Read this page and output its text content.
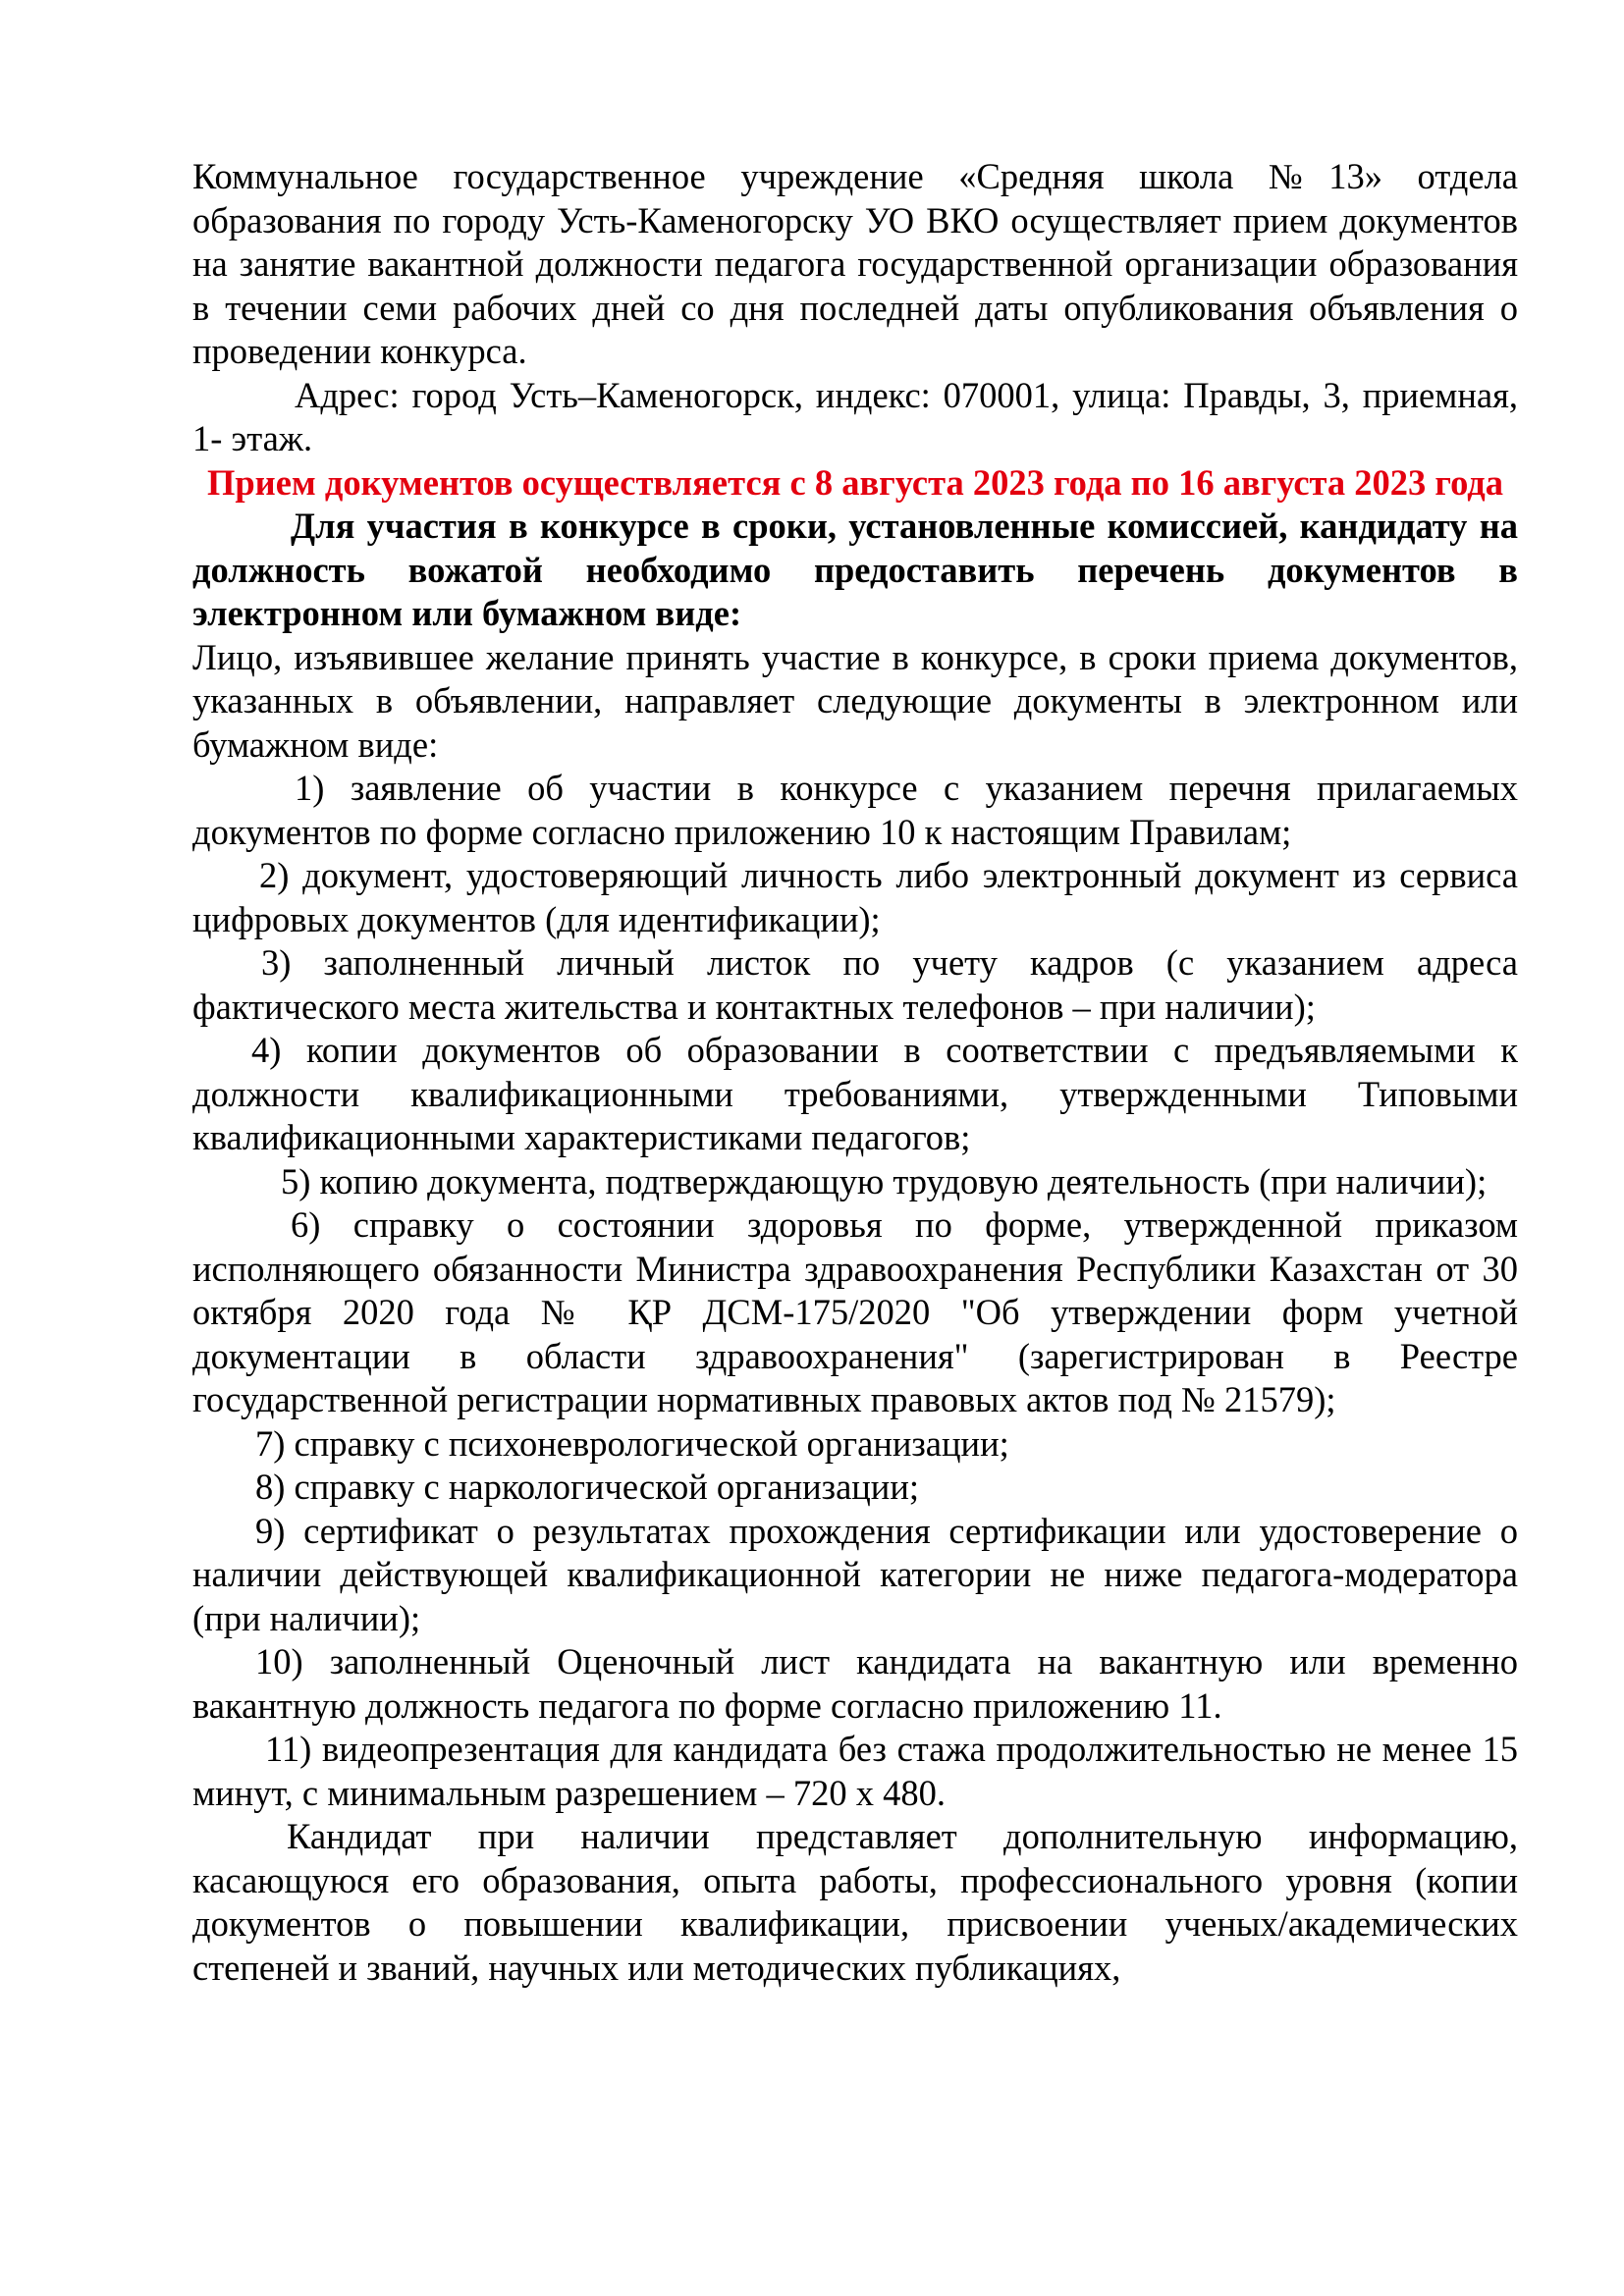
Коммунальное государственное учреждение «Средняя школа №13» отдела образования по городу Усть-Каменогорску УО ВКО осуществляет прием документов на занятие вакантной должности педагога государственной организации образования в течении семи рабочих дней со дня последней даты опубликования объявления о проведении конкурса.

Адрес: город Усть–Каменогорск, индекс: 070001, улица: Правды, 3, приемная, 1- этаж.

Прием документов осуществляется с 8 августа 2023 года по 16 августа 2023 года

Для участия в конкурсе в сроки, установленные комиссией, кандидату на должность вожатой необходимо предоставить перечень документов в электронном или бумажном виде:

Лицо, изъявившее желание принять участие в конкурсе, в сроки приема документов, указанных в объявлении, направляет следующие документы в электронном или бумажном виде:

1) заявление об участии в конкурсе с указанием перечня прилагаемых документов по форме согласно приложению 10 к настоящим Правилам;

2) документ, удостоверяющий личность либо электронный документ из сервиса цифровых документов (для идентификации);

3) заполненный личный листок по учету кадров (с указанием адреса фактического места жительства и контактных телефонов – при наличии);

4) копии документов об образовании в соответствии с предъявляемыми к должности квалификационными требованиями, утвержденными Типовыми квалификационными характеристиками педагогов;

5) копию документа, подтверждающую трудовую деятельность (при наличии);

6) справку о состоянии здоровья по форме, утвержденной приказом исполняющего обязанности Министра здравоохранения Республики Казахстан от 30 октября 2020 года № ҚР ДСМ-175/2020 "Об утверждении форм учетной документации в области здравоохранения" (зарегистрирован в Реестре государственной регистрации нормативных правовых актов под № 21579);

7) справку с психоневрологической организации;

8) справку с наркологической организации;

9) сертификат о результатах прохождения сертификации или удостоверение о наличии действующей квалификационной категории не ниже педагога-модератора (при наличии);

10) заполненный Оценочный лист кандидата на вакантную или временно вакантную должность педагога по форме согласно приложению 11.

11) видеопрезентация для кандидата без стажа продолжительностью не менее 15 минут, с минимальным разрешением – 720 х 480.

Кандидат при наличии представляет дополнительную информацию, касающуюся его образования, опыта работы, профессионального уровня (копии документов о повышении квалификации, присвоении ученых/академических степеней и званий, научных или методических публикациях,
